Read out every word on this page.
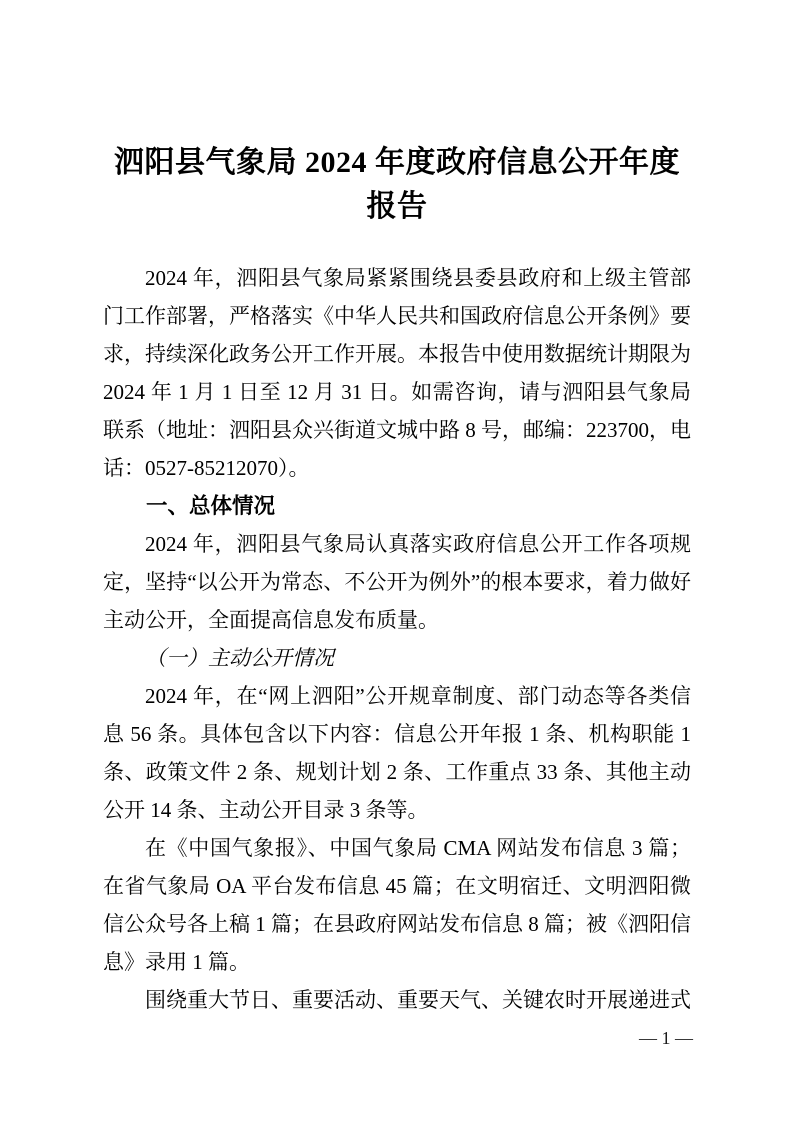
泗阳县气象局 2024 年度政府信息公开年度报告

2024 年，泗阳县气象局紧紧围绕县委县政府和上级主管部门工作部署，严格落实《中华人民共和国政府信息公开条例》要求，持续深化政务公开工作开展。本报告中使用数据统计期限为 2024 年 1 月 1 日至 12 月 31 日。如需咨询，请与泗阳县气象局联系（地址：泗阳县众兴街道文城中路 8 号，邮编：223700，电话：0527-85212070）。

一、总体情况

2024 年，泗阳县气象局认真落实政府信息公开工作各项规定，坚持“以公开为常态、不公开为例外”的根本要求，着力做好主动公开，全面提高信息发布质量。

（一）主动公开情况

2024 年，在“网上泗阳”公开规章制度、部门动态等各类信息 56 条。具体包含以下内容：信息公开年报 1 条、机构职能 1 条、政策文件 2 条、规划计划 2 条、工作重点 33 条、其他主动公开 14 条、主动公开目录 3 条等。

在《中国气象报》、中国气象局 CMA 网站发布信息 3 篇；在省气象局 OA 平台发布信息 45 篇；在文明宿迁、文明泗阳微信公众号各上稿 1 篇；在县政府网站发布信息 8 篇；被《泗阳信息》录用 1 篇。

围绕重大节日、重要活动、重要天气、关键农时开展递进式

— 1 —
